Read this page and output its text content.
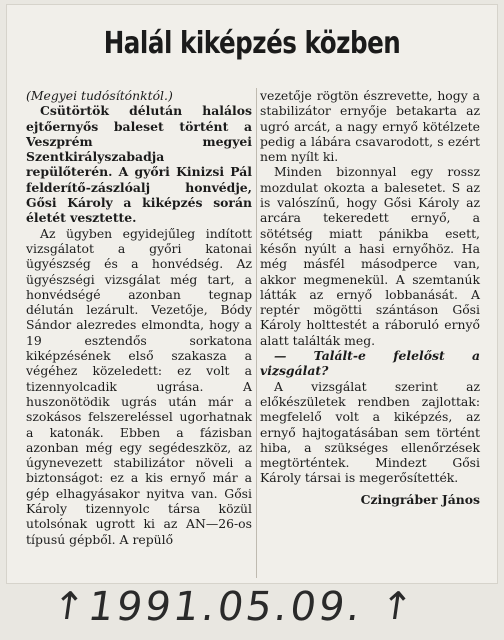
Halál kiképzés közben

(Megyei tudósítónktól.)

Csütörtök délután halálos ejtőernyős baleset történt a Veszprém megyei Szentkirályszabadja repülőterén. A győri Kinizsi Pál felderítő-zászlóalj honvédje, Gősi Károly a kiképzés során életét vesztette.

Az ügyben egyidejűleg indított vizsgálatot a győri katonai ügyészség és a honvédség. Az ügyészségi vizsgálat még tart, a honvédségé azonban tegnap délután lezárult. Vezetője, Bódy Sándor alezredes elmondta, hogy a 19 esztendős sorkatona kiképzésének első szakasza a végéhez közeledett: ez volt a tizennyolcadik ugrása. A huszonötödik ugrás után már a szokásos felszereléssel ugorhatnak a katonák. Ebben a fázisban azonban még egy segédeszköz, az úgynevezett stabilizátor növeli a biztonságot: ez a kis ernyő már a gép elhagyásakor nyitva van. Gősi Károly tizennyolc társa közül utolsónak ugrott ki az AN—26-os típusú gépből. A repülő

vezetője rögtön észrevette, hogy a stabilizátor ernyője betakarta az ugró arcát, a nagy ernyő kötélzete pedig a lábára csavarodott, s ezért nem nyílt ki.

Minden bizonnyal egy rossz mozdulat okozta a balesetet. S az is valószínű, hogy Gősi Károly az arcára tekeredett ernyő, a sötétség miatt pánikba esett, későn nyúlt a hasi ernyőhöz. Ha még másfél másodperce van, akkor megmenekül. A szemtanúk látták az ernyő lobbanását. A reptér mögötti szántáson Gősi Károly holttestét a ráboruló ernyő alatt találták meg.

— Talált-e felelőst a vizsgálat?

A vizsgálat szerint az előkészületek rendben zajlottak: megfelelő volt a kiképzés, az ernyő hajtogatásában sem történt hiba, a szükséges ellenőrzések megtörténtek. Mindezt Gősi Károly társai is megerősítették.

Czingráber János

↑
1991.05.09. ↑
